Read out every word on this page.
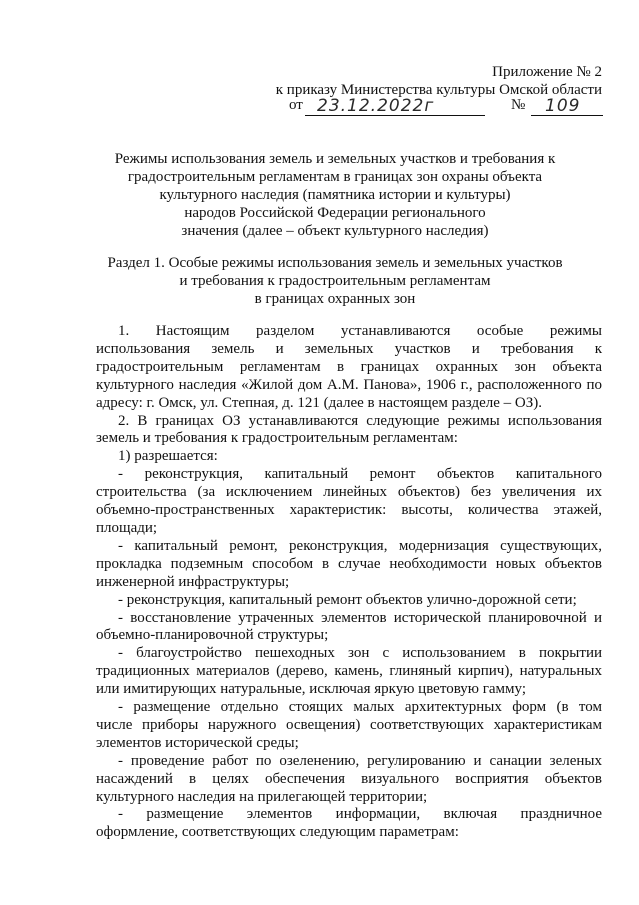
Приложение № 2
к приказу Министерства культуры Омской области
от 23.12.2022г	№ 109
Режимы использования земель и земельных участков и требования к
градостроительным регламентам в границах зон охраны объекта
культурного наследия (памятника истории и культуры)
народов Российской Федерации регионального
значения (далее – объект культурного наследия)
Раздел 1. Особые режимы использования земель и земельных участков
и требования к градостроительным регламентам
в границах охранных зон
1. Настоящим разделом устанавливаются особые режимы
использования земель и земельных участков и требования к
градостроительным регламентам в границах охранных зон объекта
культурного наследия «Жилой дом А.М. Панова», 1906 г., расположенного по
адресу: г. Омск, ул. Степная, д. 121 (далее в настоящем разделе – ОЗ).
2. В границах ОЗ устанавливаются следующие режимы использования
земель и требования к градостроительным регламентам:
1) разрешается:
- реконструкция, капитальный ремонт объектов капитального
строительства (за исключением линейных объектов) без увеличения их
объемно-пространственных характеристик: высоты, количества этажей,
площади;
- капитальный ремонт, реконструкция, модернизация существующих,
прокладка подземным способом в случае необходимости новых объектов
инженерной инфраструктуры;
- реконструкция, капитальный ремонт объектов улично-дорожной сети;
- восстановление утраченных элементов исторической планировочной и
объемно-планировочной структуры;
- благоустройство пешеходных зон с использованием в покрытии
традиционных материалов (дерево, камень, глиняный кирпич), натуральных
или имитирующих натуральные, исключая яркую цветовую гамму;
- размещение отдельно стоящих малых архитектурных форм (в том
числе приборы наружного освещения) соответствующих характеристикам
элементов исторической среды;
- проведение работ по озеленению, регулированию и санации зеленых
насаждений в целях обеспечения визуального восприятия объектов
культурного наследия на прилегающей территории;
- размещение элементов информации, включая праздничное
оформление, соответствующих следующим параметрам:
